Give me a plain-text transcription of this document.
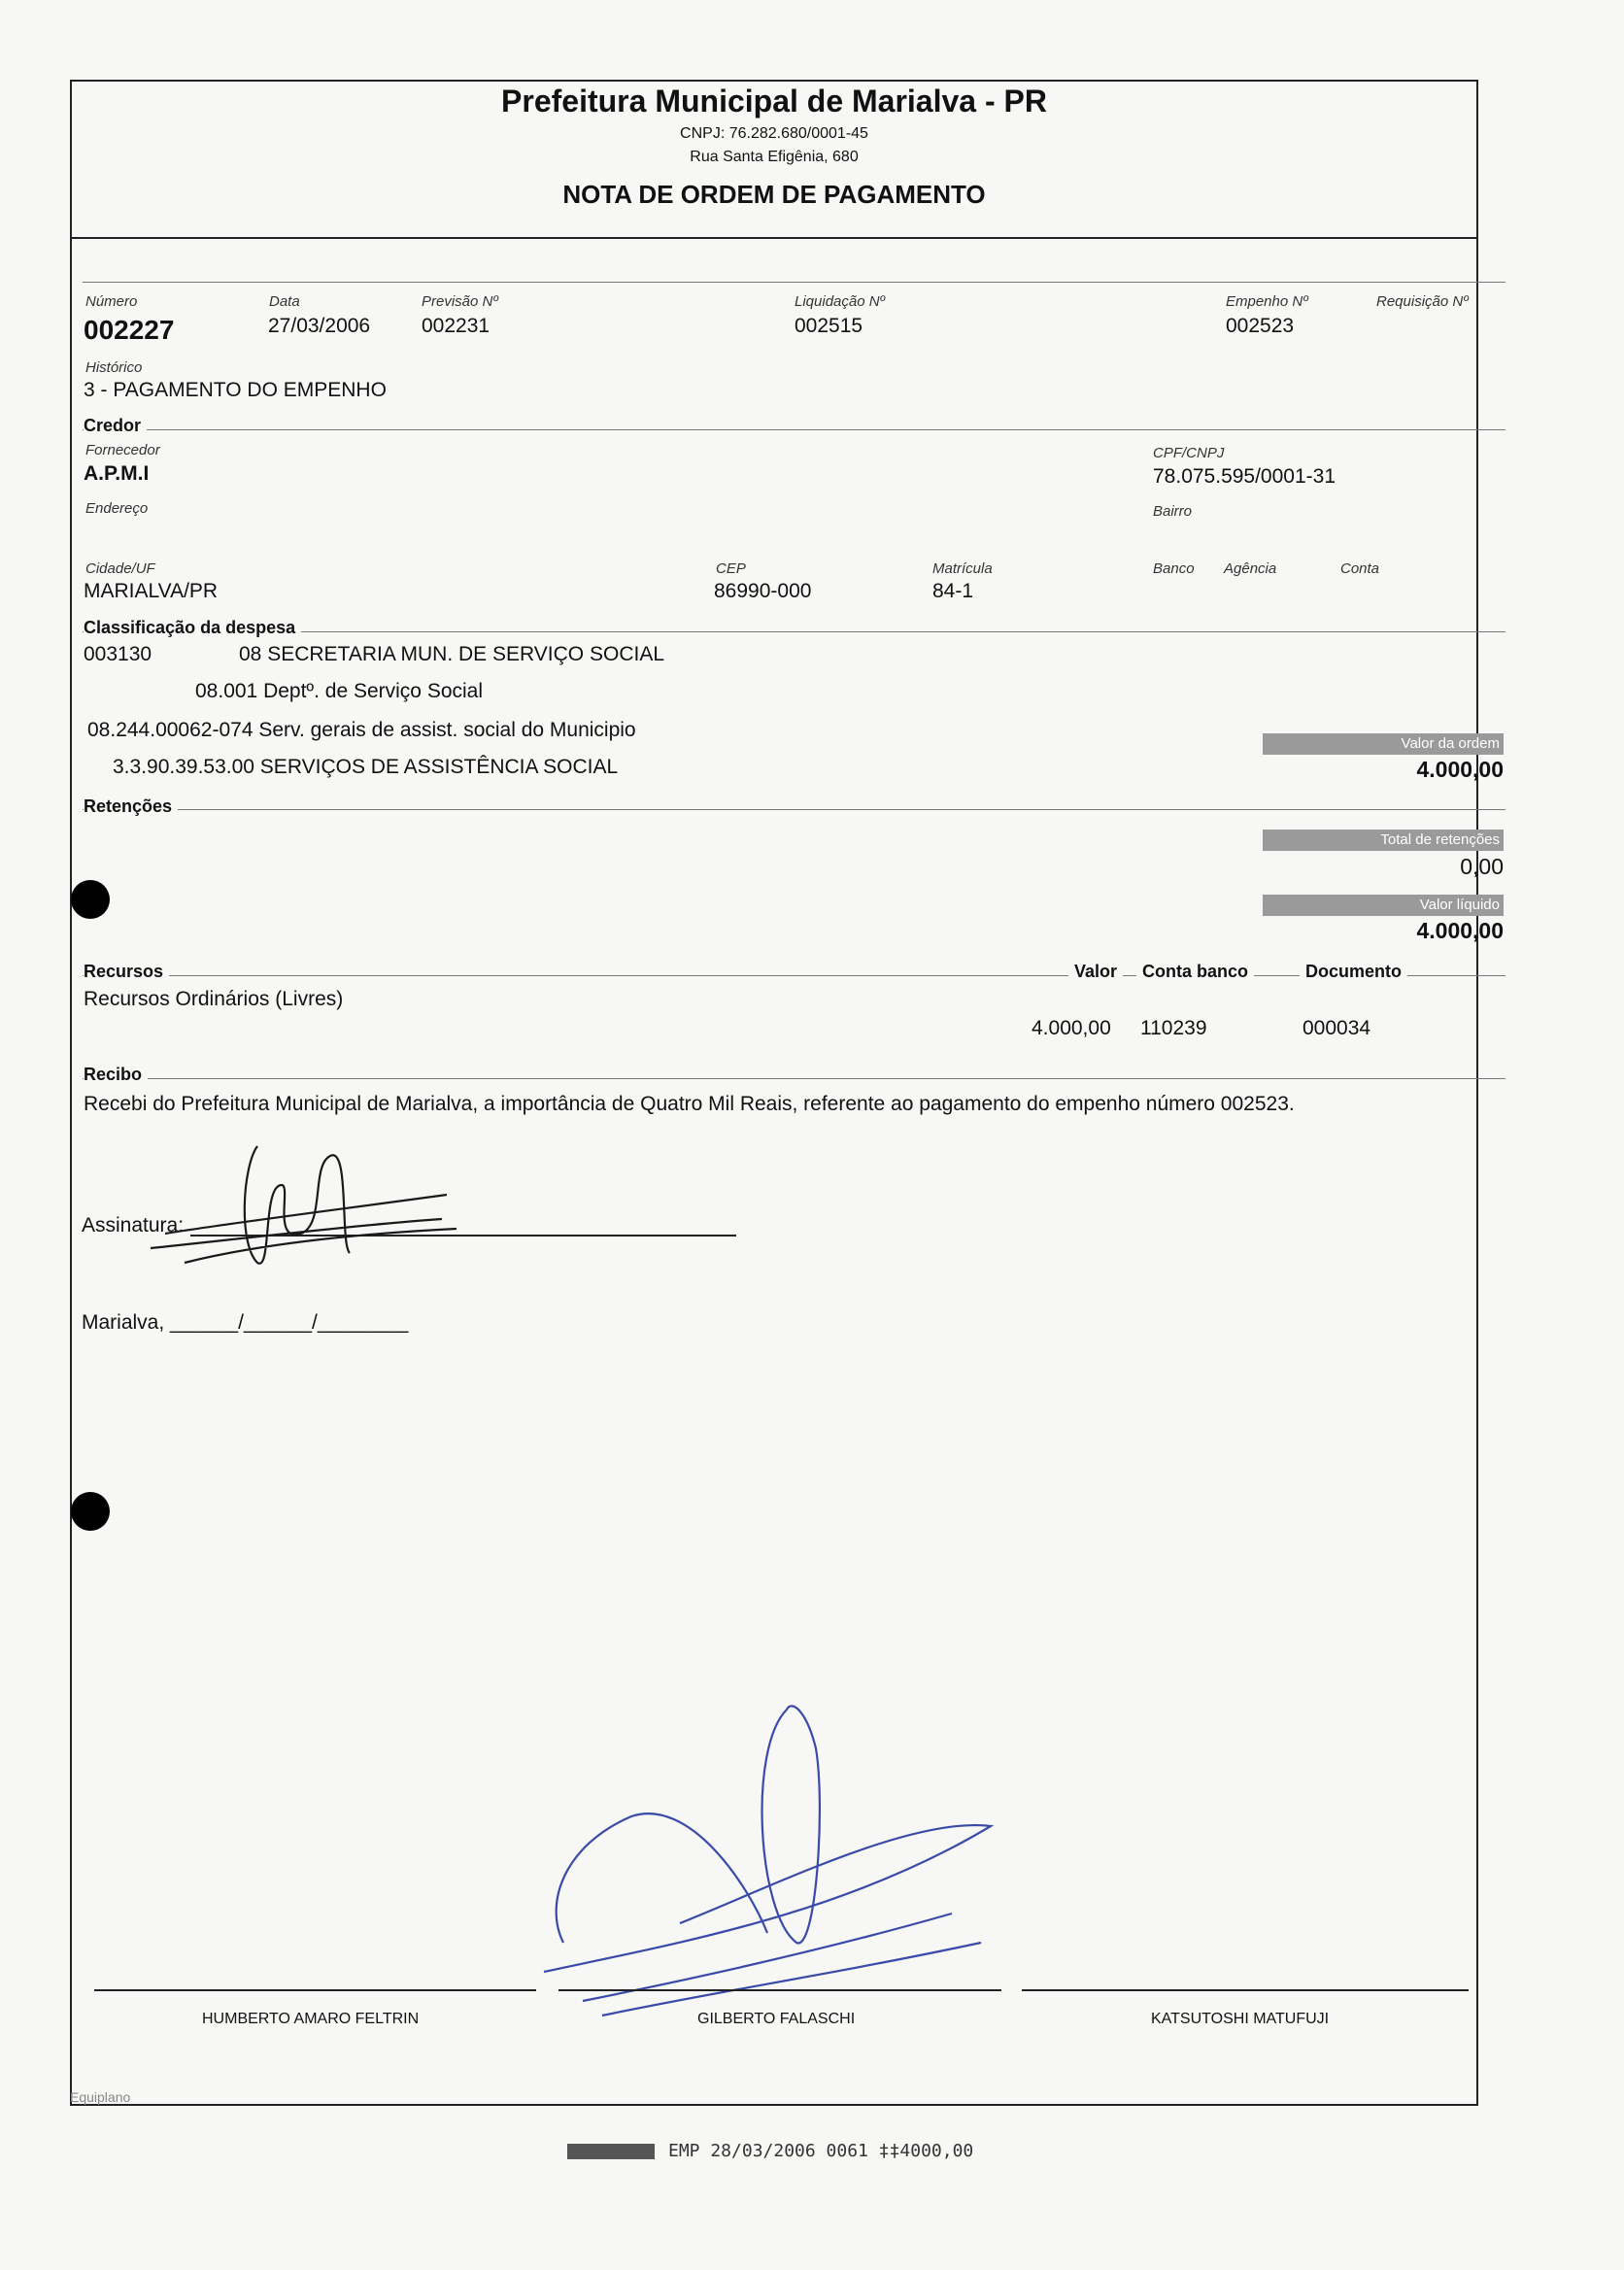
Prefeitura Municipal de Marialva - PR
CNPJ: 76.282.680/0001-45
Rua Santa Efigênia, 680
NOTA DE ORDEM DE PAGAMENTO
Número
002227
Data
27/03/2006
Previsão Nº
002231
Liquidação Nº
002515
Empenho Nº
002523
Requisição Nº
Histórico
3 - PAGAMENTO DO EMPENHO
Credor
Fornecedor
A.P.M.I
CPF/CNPJ
78.075.595/0001-31
Endereço	Bairro
Cidade/UF
MARIALVA/PR
CEP
86990-000
Matrícula
84-1
Banco Agência	Conta
Classificação da despesa
003130	08 SECRETARIA MUN. DE SERVIÇO SOCIAL
08.001 Deptº. de Serviço Social
08.244.00062-074 Serv. gerais de assist. social do Municipio
3.3.90.39.53.00 SERVIÇOS DE ASSISTÊNCIA SOCIAL
Valor da ordem
4.000,00
Retenções
Total de retenções
0,00
Valor líquido
4.000,00
Recursos	Valor	Conta banco	Documento
Recursos Ordinários (Livres)
4.000,00 110239	000034
Recibo
Recebi do Prefeitura Municipal de Marialva, a importância de Quatro Mil Reais, referente ao pagamento do empenho número 002523.
Assinatura:
Marialva, ______/______/________
HUMBERTO AMARO FELTRIN	GILBERTO FALASCHI	KATSUTOSHI MATUFUJI
Equiplano
EMP 28/03/2006 0061 ‡‡4000,00
